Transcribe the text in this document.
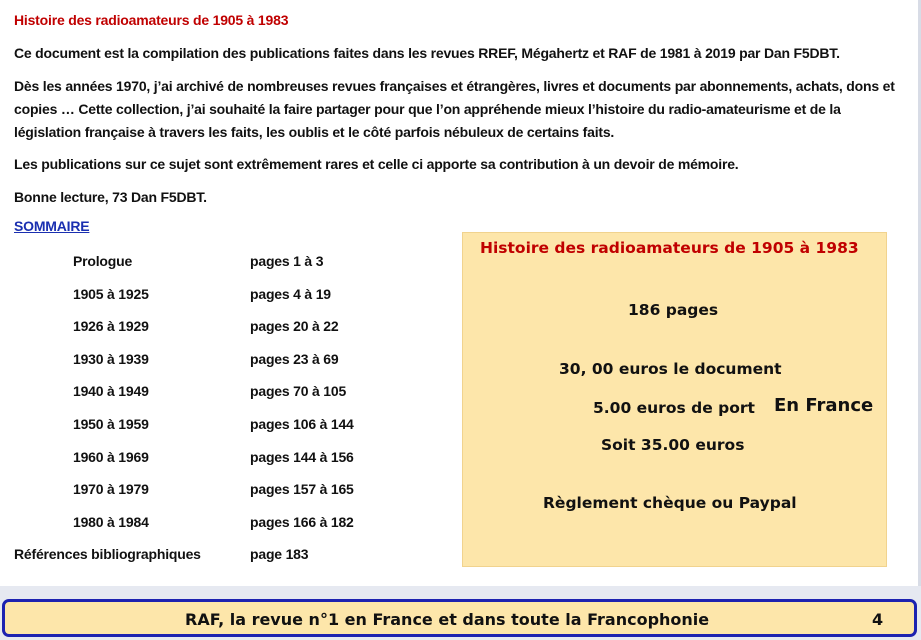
Histoire des radioamateurs de 1905 à 1983

Ce document est la compilation des publications faites dans les revues RREF, Mégahertz et RAF de 1981 à 2019 par Dan F5DBT.

Dès les années 1970, j’ai archivé de nombreuses revues françaises et étrangères, livres et documents par abonnements, achats, dons et copies … Cette collection, j’ai souhaité la faire partager pour que l’on appréhende mieux l’histoire du radio-amateurisme et de la législation française à travers les faits, les oublis et le côté parfois nébuleux de certains faits.

Les publications sur ce sujet sont extrêmement rares et celle ci apporte sa contribution à un devoir de mémoire.

Bonne lecture, 73 Dan F5DBT.

SOMMAIRE
Prologue	pages 1 à 3
1905 à 1925	pages 4 à 19
1926 à 1929	pages 20 à 22
1930 à 1939	pages 23 à 69
1940 à 1949	pages 70 à 105
1950 à 1959	pages 106 à 144
1960 à 1969	pages 144 à 156
1970 à 1979	pages 157 à 165
1980 à 1984	pages 166 à 182
Références bibliographiques	page 183
Histoire des radioamateurs de 1905 à 1983
186 pages
30, 00 euros le document
5.00 euros de port En France
Soit 35.00 euros
Règlement chèque ou Paypal
RAF, la revue n°1 en France et dans toute la Francophonie	4
